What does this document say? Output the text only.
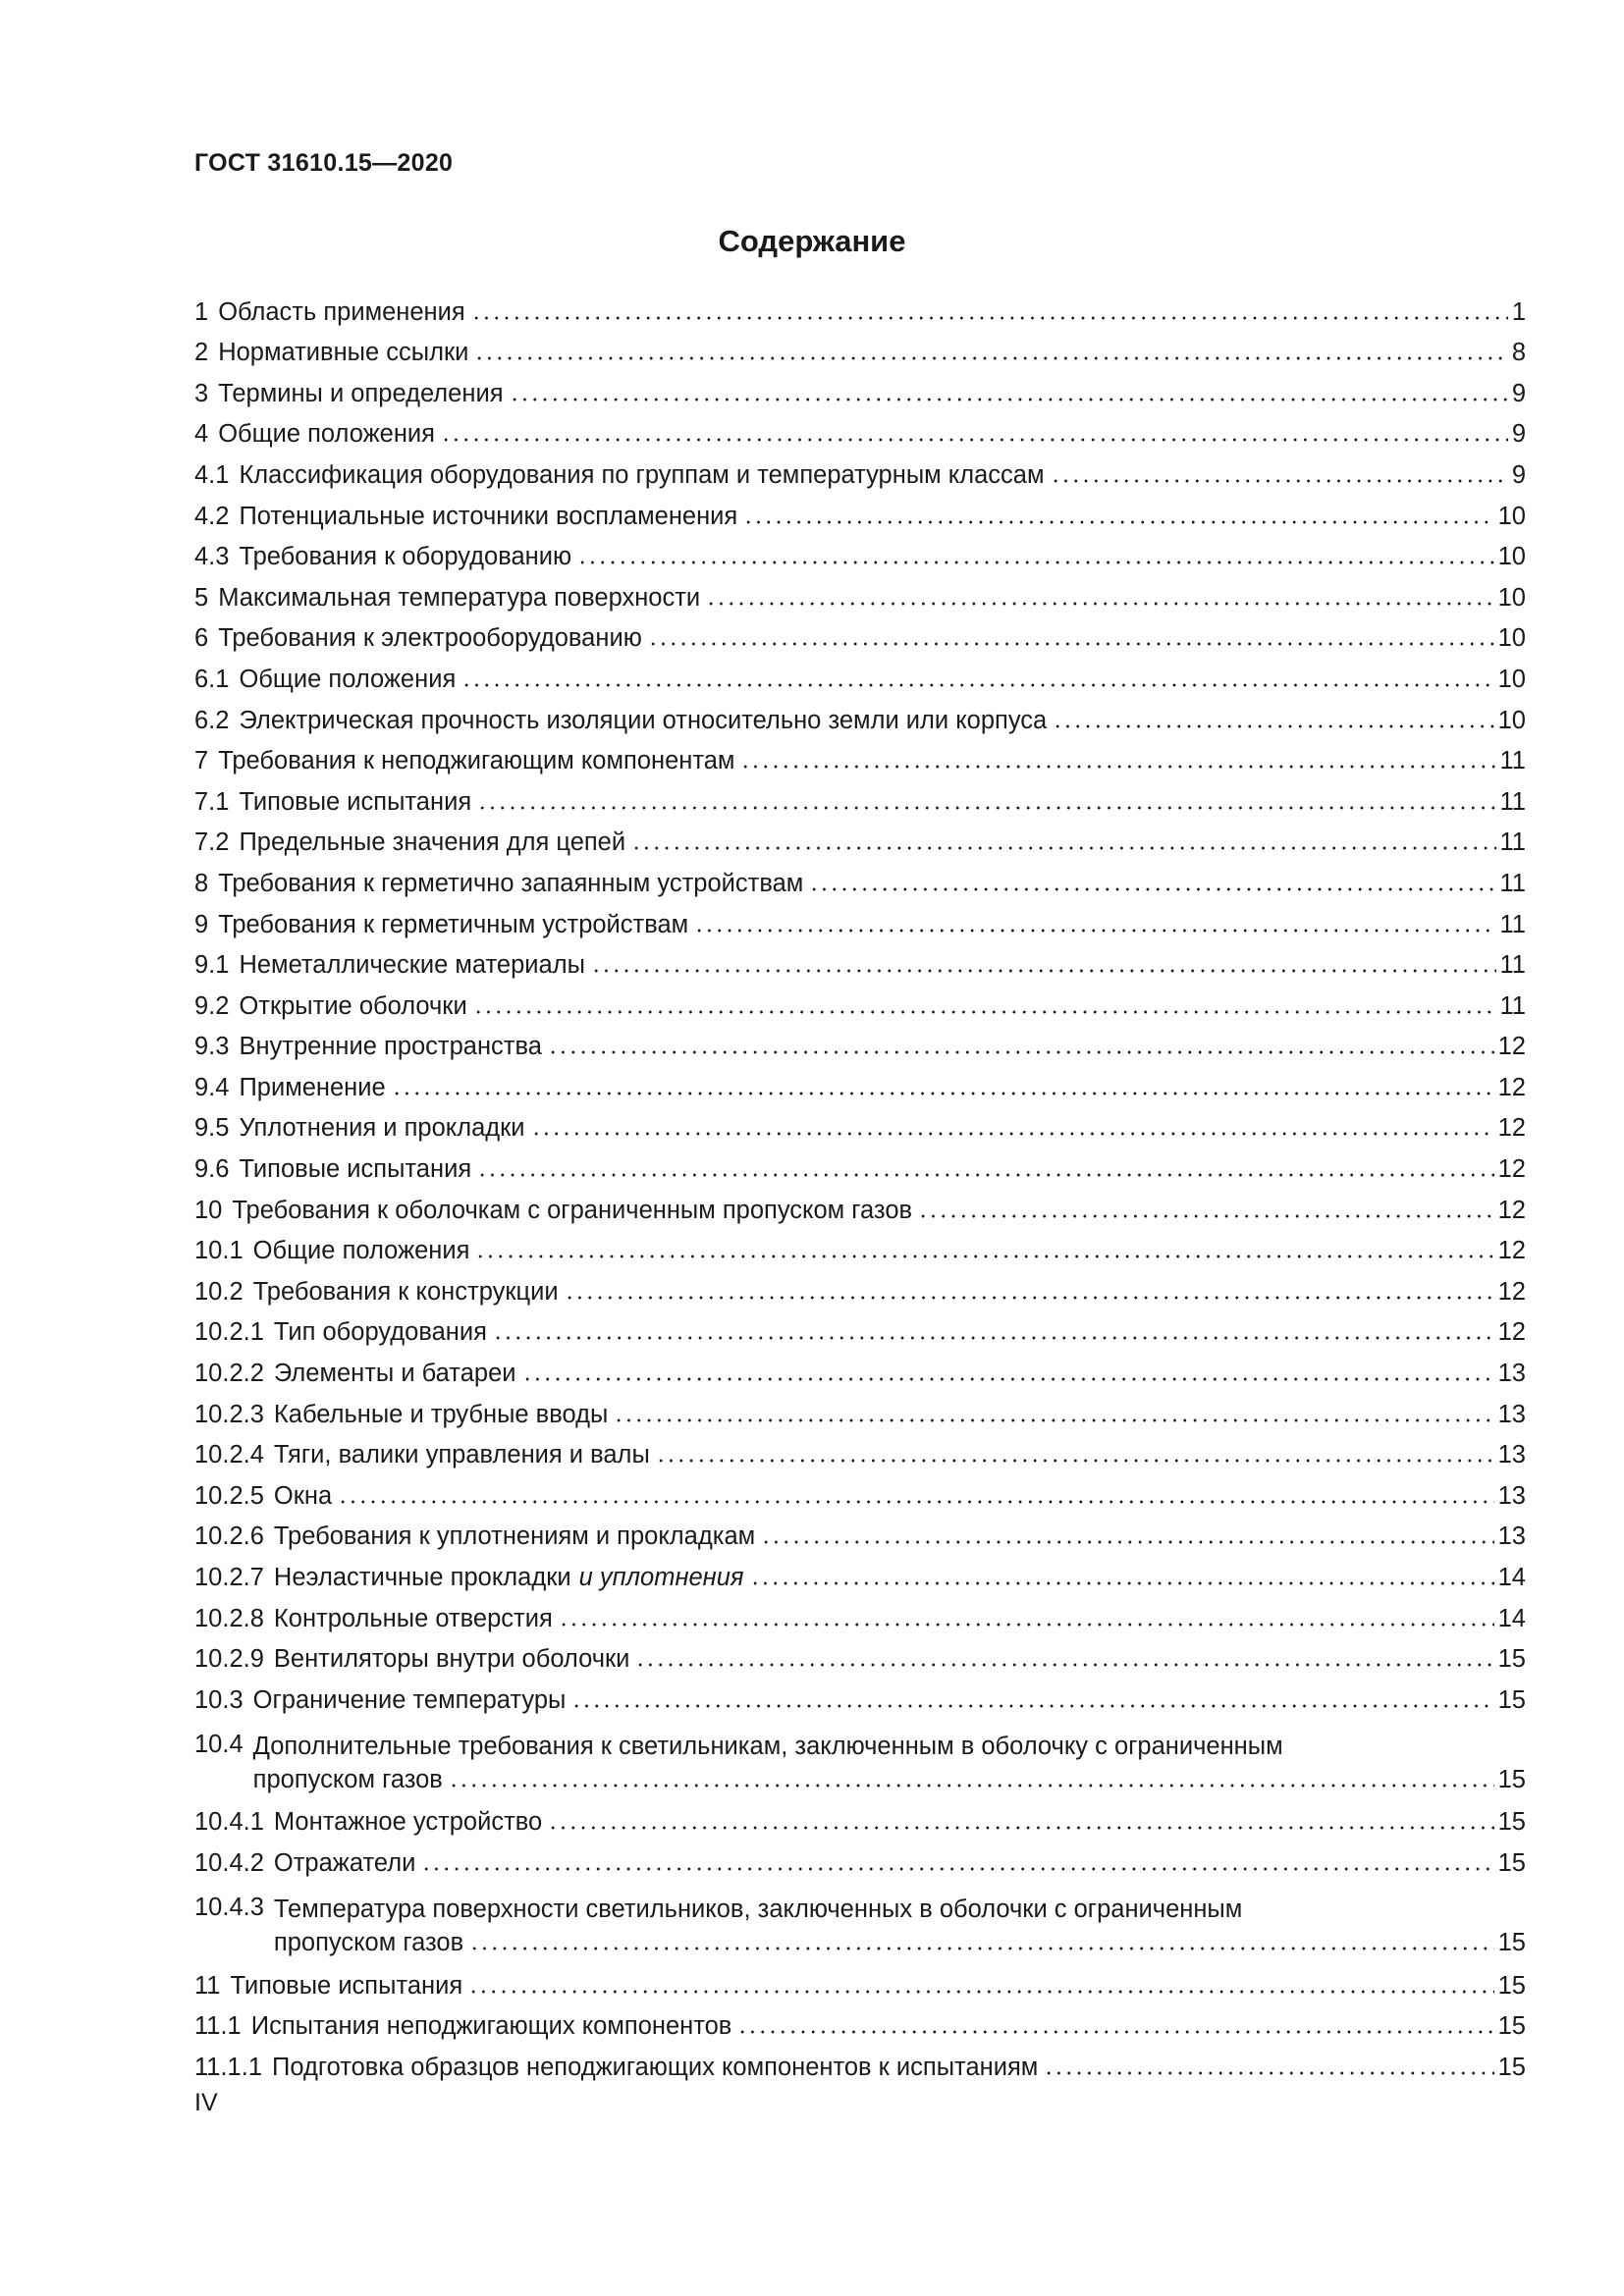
ГОСТ 31610.15—2020
Содержание
1 Область применения	1
2 Нормативные ссылки	8
3 Термины и определения	9
4 Общие положения	9
4.1 Классификация оборудования по группам и температурным классам	9
4.2 Потенциальные источники воспламенения	10
4.3 Требования к оборудованию	10
5 Максимальная температура поверхности	10
6 Требования к электрооборудованию	10
6.1 Общие положения	10
6.2 Электрическая прочность изоляции относительно земли или корпуса	10
7 Требования к неподжигающим компонентам	11
7.1 Типовые испытания	11
7.2 Предельные значения для цепей	11
8 Требования к герметично запаянным устройствам	11
9 Требования к герметичным устройствам	11
9.1 Неметаллические материалы	11
9.2 Открытие оболочки	11
9.3 Внутренние пространства	12
9.4 Применение	12
9.5 Уплотнения и прокладки	12
9.6 Типовые испытания	12
10 Требования к оболочкам с ограниченным пропуском газов	12
10.1 Общие положения	12
10.2 Требования к конструкции	12
10.2.1 Тип оборудования	12
10.2.2 Элементы и батареи	13
10.2.3 Кабельные и трубные вводы	13
10.2.4 Тяги, валики управления и валы	13
10.2.5 Окна	13
10.2.6 Требования к уплотнениям и прокладкам	13
10.2.7 Неэластичные прокладки и уплотнения	14
10.2.8 Контрольные отверстия	14
10.2.9 Вентиляторы внутри оболочки	15
10.3 Ограничение температуры	15
10.4 Дополнительные требования к светильникам, заключенным в оболочку с ограниченным
пропуском газов	15
10.4.1 Монтажное устройство	15
10.4.2 Отражатели	15
10.4.3 Температура поверхности светильников, заключенных в оболочки с ограниченным
пропуском газов	15
11 Типовые испытания	15
11.1 Испытания неподжигающих компонентов	15
11.1.1 Подготовка образцов неподжигающих компонентов к испытаниям	15
IV
